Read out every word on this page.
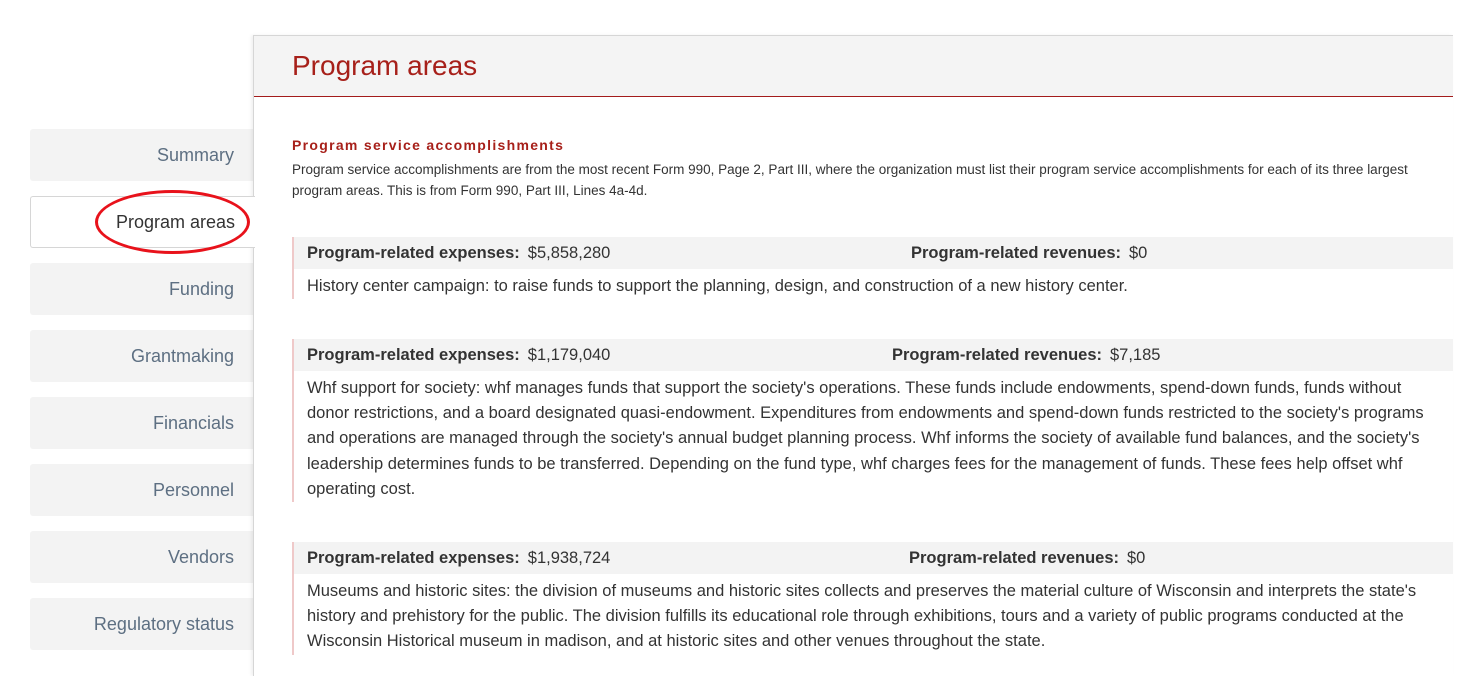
Summary
Program areas
Funding
Grantmaking
Financials
Personnel
Vendors
Regulatory status
Program areas
Program service accomplishments
Program service accomplishments are from the most recent Form 990, Page 2, Part III, where the organization must list their program service accomplishments for each of its three largest program areas. This is from Form 990, Part III, Lines 4a-4d.
Program-related expenses: $5,858,280	Program-related revenues: $0
History center campaign: to raise funds to support the planning, design, and construction of a new history center.
Program-related expenses: $1,179,040	Program-related revenues: $7,185
Whf support for society: whf manages funds that support the society's operations. These funds include endowments, spend-down funds, funds without donor restrictions, and a board designated quasi-endowment. Expenditures from endowments and spend-down funds restricted to the society's programs and operations are managed through the society's annual budget planning process. Whf informs the society of available fund balances, and the society's leadership determines funds to be transferred. Depending on the fund type, whf charges fees for the management of funds. These fees help offset whf operating cost.
Program-related expenses: $1,938,724	Program-related revenues: $0
Museums and historic sites: the division of museums and historic sites collects and preserves the material culture of Wisconsin and interprets the state's history and prehistory for the public. The division fulfills its educational role through exhibitions, tours and a variety of public programs conducted at the Wisconsin Historical museum in madison, and at historic sites and other venues throughout the state.
